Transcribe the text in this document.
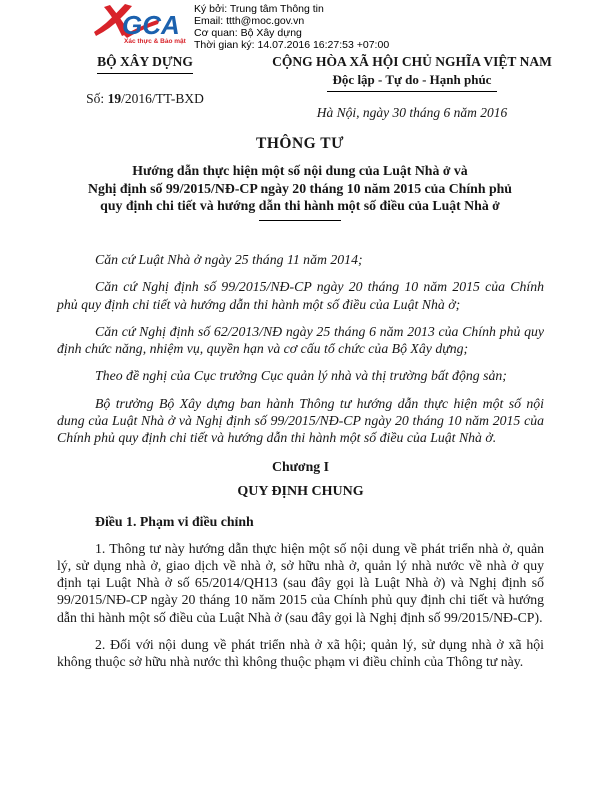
GCA
Xác thực & Bảo mật
Ký bởi: Trung tâm Thông tin
Email: ttth@moc.gov.vn
Cơ quan: Bộ Xây dựng
Thời gian ký: 14.07.2016 16:27:53 +07:00
BỘ XÂY DỰNG
Số: 19/2016/TT-BXD
CỘNG HÒA XÃ HỘI CHỦ NGHĨA VIỆT NAM
Độc lập - Tự do - Hạnh phúc
Hà Nội, ngày 30 tháng 6 năm 2016
THÔNG TƯ
Hướng dẫn thực hiện một số nội dung của Luật Nhà ở và
Nghị định số 99/2015/NĐ-CP ngày 20 tháng 10 năm 2015 của Chính phủ
quy định chi tiết và hướng dẫn thi hành một số điều của Luật Nhà ở

Căn cứ Luật Nhà ở ngày 25 tháng 11 năm 2014;

Căn cứ Nghị định số 99/2015/NĐ-CP ngày 20 tháng 10 năm 2015 của Chính phủ quy định chi tiết và hướng dẫn thi hành một số điều của Luật Nhà ở;

Căn cứ Nghị định số 62/2013/NĐ ngày 25 tháng 6 năm 2013 của Chính phủ quy định chức năng, nhiệm vụ, quyền hạn và cơ cấu tổ chức của Bộ Xây dựng;

Theo đề nghị của Cục trưởng Cục quản lý nhà và thị trường bất động sản;

Bộ trưởng Bộ Xây dựng ban hành Thông tư hướng dẫn thực hiện một số nội dung của Luật Nhà ở và Nghị định số 99/2015/NĐ-CP ngày 20 tháng 10 năm 2015 của Chính phủ quy định chi tiết và hướng dẫn thi hành một số điều của Luật Nhà ở.

Chương I
QUY ĐỊNH CHUNG
Điều 1. Phạm vi điều chỉnh

1. Thông tư này hướng dẫn thực hiện một số nội dung về phát triển nhà ở, quản lý, sử dụng nhà ở, giao dịch về nhà ở, sở hữu nhà ở, quản lý nhà nước về nhà ở quy định tại Luật Nhà ở số 65/2014/QH13 (sau đây gọi là Luật Nhà ở) và Nghị định số 99/2015/NĐ-CP ngày 20 tháng 10 năm 2015 của Chính phủ quy định chi tiết và hướng dẫn thi hành một số điều của Luật Nhà ở (sau đây gọi là Nghị định số 99/2015/NĐ-CP).

2. Đối với nội dung về phát triển nhà ở xã hội; quản lý, sử dụng nhà ở xã hội không thuộc sở hữu nhà nước thì không thuộc phạm vi điều chỉnh của Thông tư này.
